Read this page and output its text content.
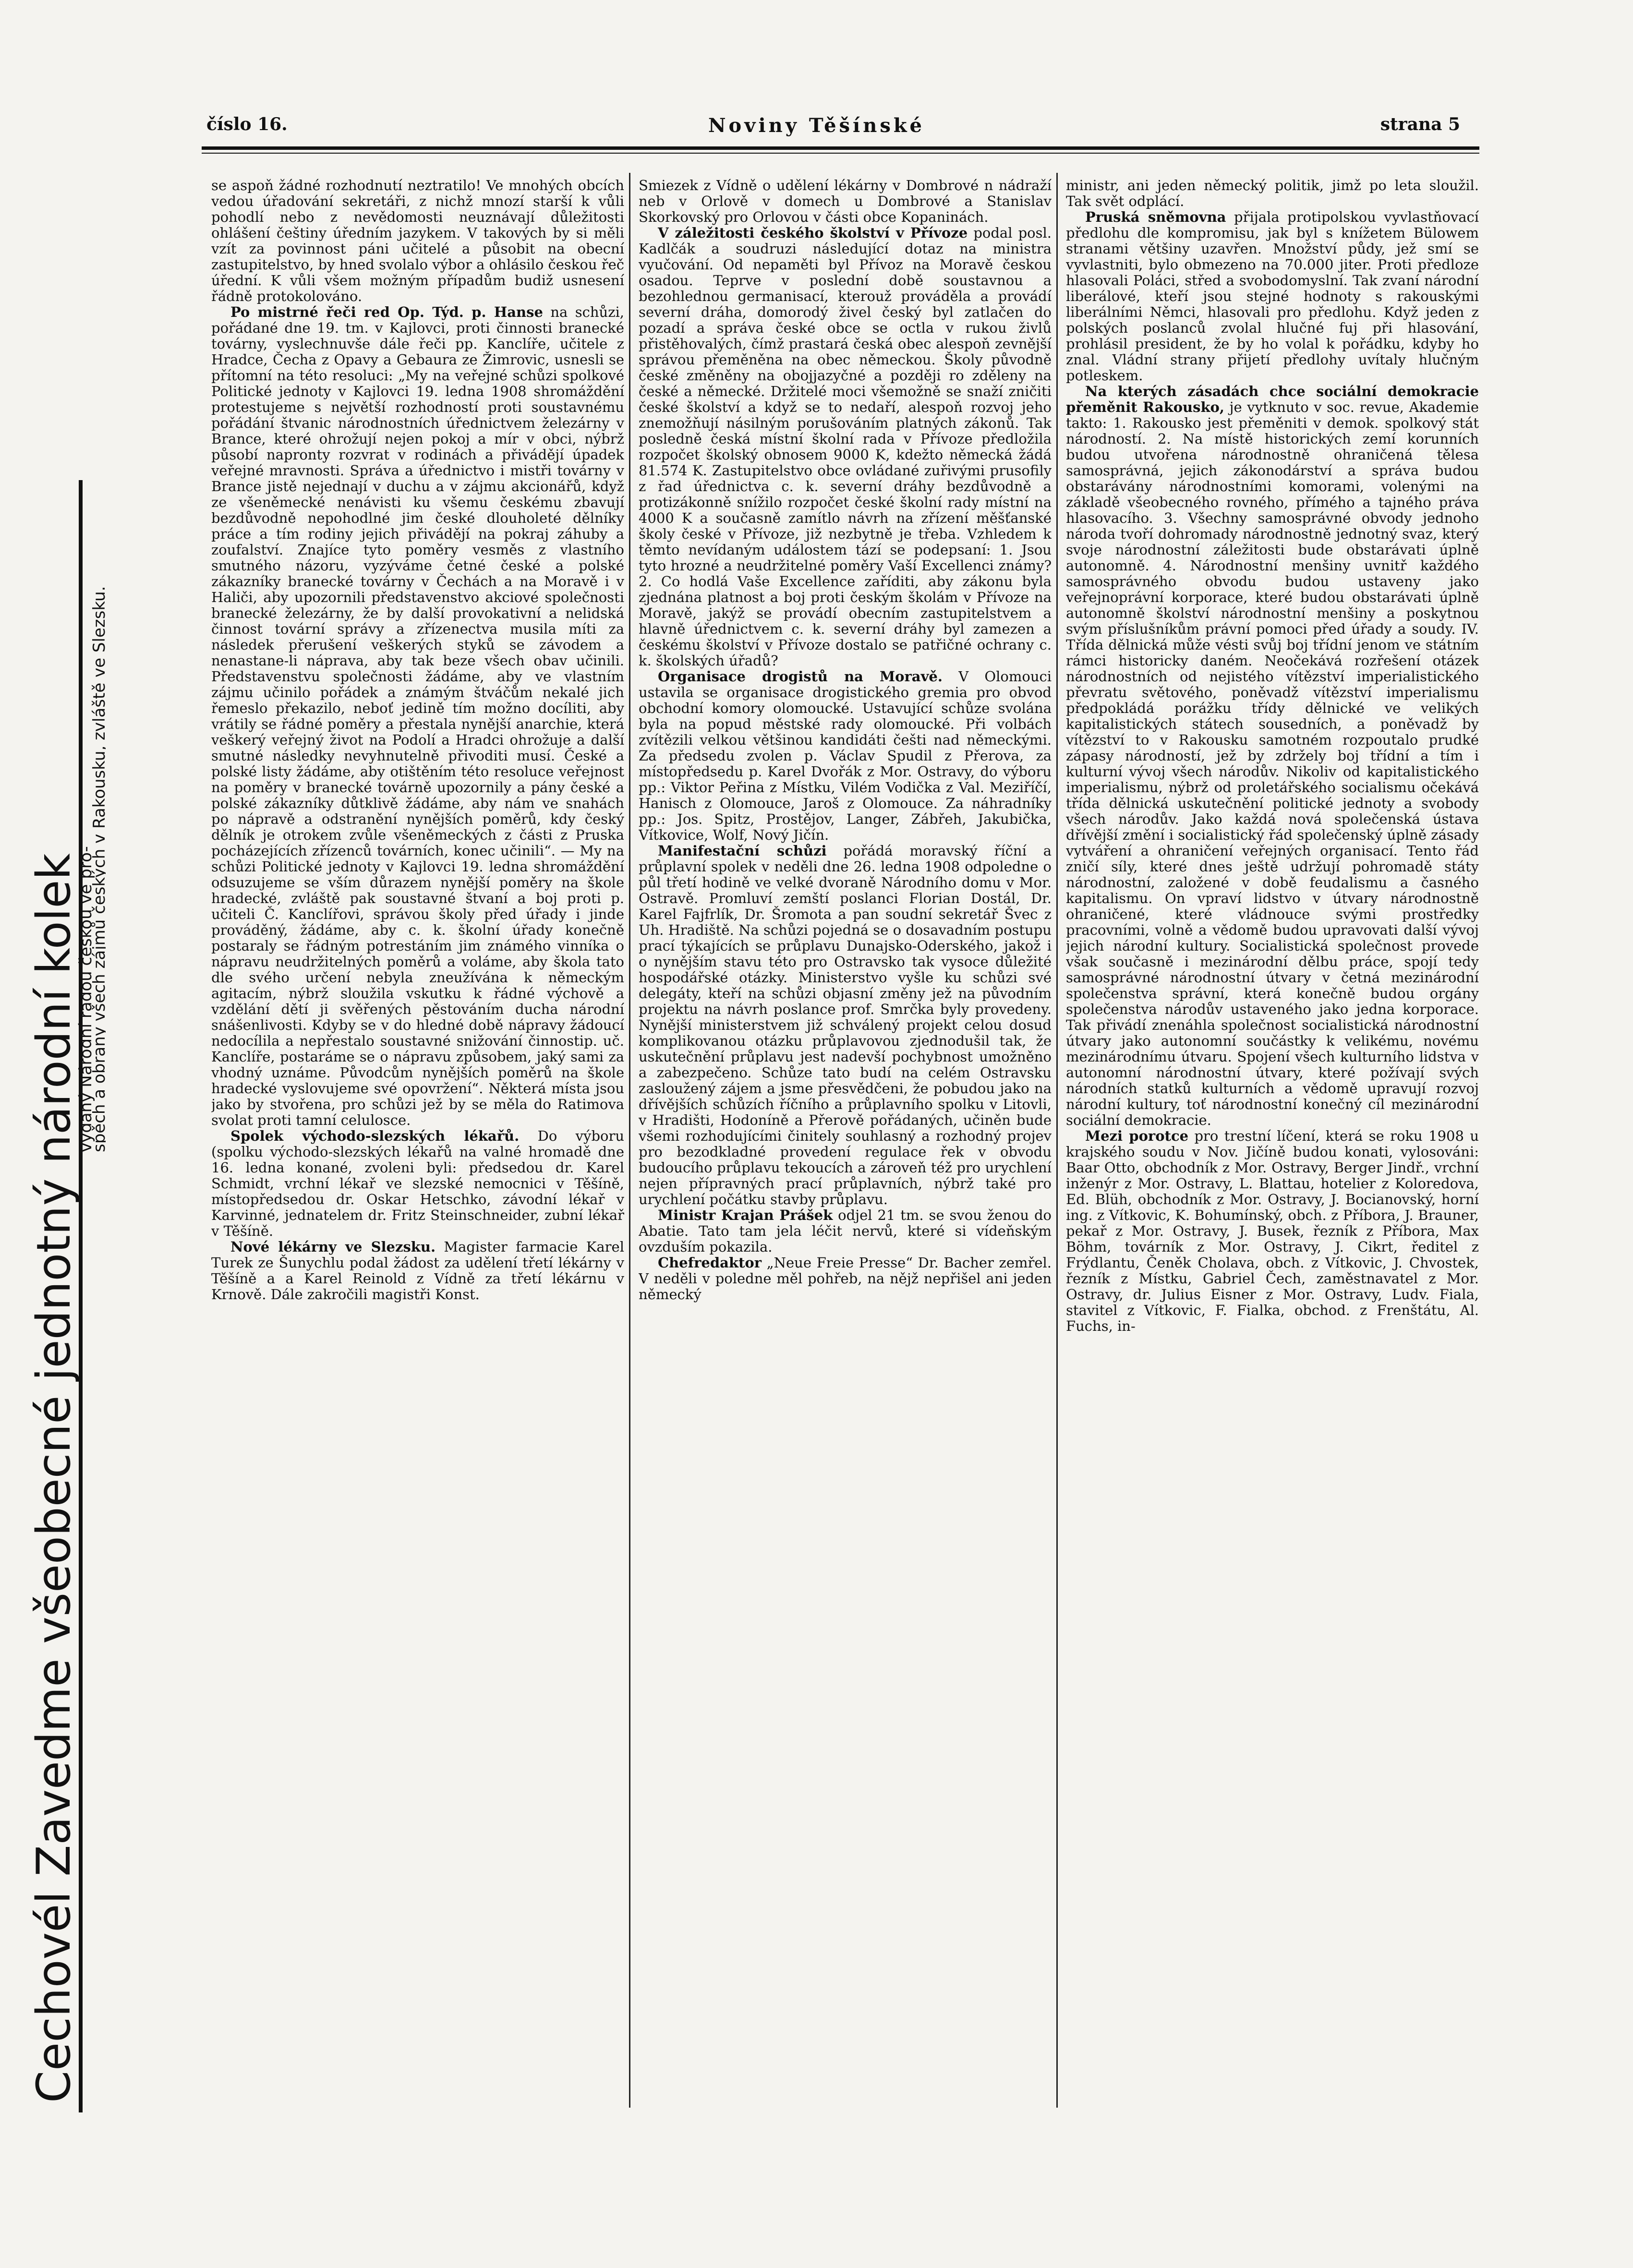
číslo 16.	Noviny Těšínské	strana 5
Cechovél Zavedme všeobecné jednotný národní kolek
vydaný Národní radou českou ve pro-
spěch obrany všech zájmů českých Rakousku, zvláště ve Slezsku.

se aspoň žádné rozhodnutí neztratilo! Ve mnohých obcích vedou úřadování sekretáři, z nichž mnozí starší k vůli pohodlí nebo z nevědomosti neuznávají důležitosti ohlášení češtiny úředním jazykem. V takových by si měli vzít za povinnost páni učitelé a působit na obecní zastupitelstvo, by hned svolalo výbor a ohlásilo českou řeč úřední. K vůli všem možným případům budiž usnesení řádně protokolováno.

Po mistrné řeči red Op. Týd. p. Hanse na schůzi, pořádané dne 19. tm. v Kajlovci, proti činnosti branecké továrny, vyslechnuvše dále řeči pp. Kanclíře, učitele z Hradce, Čecha z Opavy a Gebaura ze Žimrovic, usnesli se přítomní na této resoluci: „My na veřejné schůzi spolkové Politické jednoty v Kajlovci 19. ledna 1908 shromáždění protestujeme s největší rozhodností proti soustavnému pořádání štvanic národnostních úřednictvem železárny v Brance, které ohrožují nejen pokoj a mír v obci, nýbrž působí napronty rozvrat v rodinách a přivádějí úpadek veřejné mravnosti. Správa a úřednictvo i mistři továrny v Brance jistě nejednají v duchu a v zájmu akcionářů, když ze všeněmecké nenávisti ku všemu českému zbavují bezdůvodně nepohodlné jim české dlouholeté dělníky práce a tím rodiny jejich přivádějí na pokraj záhuby a zoufalství. Znajíce tyto poměry vesměs z vlastního smutného názoru, vyzýváme četné české a polské zákazníky branecké továrny v Čechách a na Moravě i v Haliči, aby upozornili představenstvo akciové společnosti branecké železárny, že by další provokativní a nelidská činnost tovární správy a zřízenectva musila míti za následek přerušení veškerých styků se závodem a nenastane-li náprava, aby tak beze všech obav učinili. Představenstvu společnosti žádáme, aby ve vlastním zájmu učinilo pořádek a známým štváčům nekalé jich řemeslo překazilo, neboť jedině tím možno docíliti, aby vrátily se řádné poměry a přestala nynější anarchie, která veškerý veřejný život na Podolí a Hradci ohrožuje a další smutné následky nevyhnutelně přivoditi musí. České a polské listy žádáme, aby otištěním této resoluce veřejnost na poměry v branecké továrně upozornily a pány české a polské zákazníky důtklivě žádáme, aby nám ve snahách po nápravě a odstranění nynějších poměrů, kdy český dělník je otrokem zvůle všeněmeckých z části z Pruska pocházejících zřízenců továrních, konec učinili“. — My na schůzi Politické jednoty v Kajlovci 19. ledna shromáždění odsuzujeme se vším důrazem nynější poměry na škole hradecké, zvláště pak soustavné štvaní a boj proti p. učiteli Č. Kanclířovi, správou školy před úřady i jinde prováděný, žádáme, aby c. k. školní úřady konečně postaraly se řádným potrestáním jim známého vinníka o nápravu neudržitelných poměrů a voláme, aby škola tato dle svého určení nebyla zneužívána k německým agitacím, nýbrž sloužila vskutku k řádné výchově a vzdělání dětí ji svěřených pěstováním ducha národní snášenlivosti. Kdyby se v do hledné době nápravy žádoucí nedocílila a nepřestalo soustavné snižování činnostip. uč. Kanclíře, postaráme se o nápravu způsobem, jaký sami za vhodný uznáme. Původcům nynějších poměrů na škole hradecké vyslovujeme své opovržení“. Některá místa jsou jako by stvořena, pro schůzi jež by se měla do Ratimova svolat proti tamní celulosce.

Spolek východo-slezských lékařů. Do výboru (spolku východo-slezských lékařů na valné hromadě dne 16. ledna konané, zvoleni byli: předsedou dr. Karel Schmidt, vrchní lékař ve slezské nemocnici v Těšíně, místopředsedou dr. Oskar Hetschko, závodní lékař v Karvinné, jednatelem dr. Fritz Steinschneider, zubní lékař v Těšíně.

Nové lékárny ve Slezsku. Magister farmacie Karel Turek ze Šunychlu podal žádost za udělení třetí lékárny v Těšíně a a Karel Reinold z Vídně za třetí lékárnu v Krnově. Dále zakročili magistři Konst.

Smiezek z Vídně o udělení lékárny v Dombrové n nádraží neb v Orlově v domech u Dombrové a Stanislav Skorkovský pro Orlovou v části obce Kopaninách.

V záležitosti českého školství v Přívoze podal posl. Kadlčák a soudruzi následující dotaz na ministra vyučování. Od nepaměti byl Přívoz na Moravě českou osadou. Teprve v poslední době soustavnou a bezohlednou germanisací, kterouž prováděla a provádí severní dráha, domorodý živel český byl zatlačen do pozadí a správa české obce se octla v rukou živlů přistěhovalých, čímž prastará česká obec alespoň zevnější správou přeměněna na obec německou. Školy původně české změněny na obojjazyčné a později ro zděleny na české a německé. Držitelé moci všemožně se snaží zničiti české školství a když se to nedaří, alespoň rozvoj jeho znemožňují násilným porušováním platných zákonů. Tak posledně česká místní školní rada v Přívoze předložila rozpočet školský obnosem 9000 K, kdežto německá žádá 81.574 K. Zastupitelstvo obce ovládané zuřivými prusofily z řad úřednictva c. k. severní dráhy bezdůvodně a protizákonně snížilo rozpočet české školní rady místní na 4000 K a současně zamítlo návrh na zřízení měšťanské školy české v Přívoze, již nezbytně je třeba. Vzhledem k těmto nevídaným událostem tází se podepsaní: 1. Jsou tyto hrozné a neudržitelné poměry Vaší Excellenci známy? 2. Co hodlá Vaše Excellence zaříditi, aby zákonu byla zjednána platnost a boj proti českým školám v Přívoze na Moravě, jakýž se provádí obecním zastupitelstvem a hlavně úřednictvem c. k. severní dráhy byl zamezen a českému školství v Přívoze dostalo se patřičné ochrany c. k. školských úřadů?

Organisace drogistů na Moravě. V Olomouci ustavila se organisace drogistického gremia pro obvod obchodní komory olomoucké. Ustavující schůze svolána byla na popud městské rady olomoucké. Při volbách zvítězili velkou většinou kandidáti češti nad německými. Za předsedu zvolen p. Václav Spudil z Přerova, za místopředsedu p. Karel Dvořák z Mor. Ostravy, do výboru pp.: Viktor Peřina z Místku, Vilém Vodička z Val. Meziříčí, Hanisch z Olomouce, Jaroš z Olomouce. Za náhradníky pp.: Jos. Spitz, Prostějov, Langer, Zábřeh, Jakubička, Vítkovice, Wolf, Nový Jičín.

Manifestační schůzi pořádá moravský říční a průplavní spolek v neděli dne 26. ledna 1908 odpoledne o půl třetí hodině ve velké dvoraně Národního domu v Mor. Ostravě. Promluví zemští poslanci Florian Dostál, Dr. Karel Fajfrlík, Dr. Šromota a pan soudní sekretář Švec z Uh. Hradiště. Na schůzi pojedná se o dosavadním postupu prací týkajících se průplavu Dunajsko-Oderského, jakož i o nynějším stavu této pro Ostravsko tak vysoce důležité hospodářské otázky. Ministerstvo vyšle ku schůzi své delegáty, kteří na schůzi objasní změny jež na původním projektu na návrh poslance prof. Smrčka byly provedeny. Nynější ministerstvem již schválený projekt celou dosud komplikovanou otázku průplavovou zjednodušil tak, že uskutečnění průplavu jest nadevší pochybnost umožněno a zabezpečeno. Schůze tato budí na celém Ostravsku zasloužený zájem a jsme přesvědčeni, že pobudou jako na dřívějších schůzích říčního a průplavního spolku v Litovli, v Hradišti, Hodoníně a Přerově pořádaných, učiněn bude všemi rozhodujícími činitely souhlasný a rozhodný projev pro bezodkladné provedení regulace řek v obvodu budoucího průplavu tekoucích a zároveň též pro urychlení nejen přípravných prací průplavních, nýbrž také pro urychlení počátku stavby průplavu.

Ministr Krajan Prášek odjel 21 tm. se svou ženou do Abatie. Tato tam jela léčit nervů, které si vídeňským ovzduším pokazila.

Chefredaktor „Neue Freie Presse“ Dr. Bacher zemřel. V neděli v poledne měl pohřeb, na nějž nepřišel ani jeden německý

ministr, ani jeden německý politik, jimž po leta sloužil. Tak svět odplácí.

Pruská sněmovna přijala protipolskou vyvlastňovací předlohu dle kompromisu, jak byl s knížetem Bülowem stranami většiny uzavřen. Množství půdy, jež smí se vyvlastniti, bylo obmezeno na 70.000 jiter. Proti předloze hlasovali Poláci, střed a svobodomyslní. Tak zvaní národní liberálové, kteří jsou stejné hodnoty s rakouskými liberálními Němci, hlasovali pro předlohu. Když jeden z polských poslanců zvolal hlučné fuj při hlasování, prohlásil president, že by ho volal k pořádku, kdyby ho znal. Vládní strany přijetí předlohy uvítaly hlučným potleskem.

Na kterých zásadách chce sociální demokracie přeměnit Rakousko, je vytknuto v soc. revue, Akademie takto: 1. Rakousko jest přeměniti v demok. spolkový stát národností. 2. Na místě historických zemí korunních budou utvořena národnostně ohraničená tělesa samosprávná, jejich zákonodárství a správa budou obstarávány národnostními komorami, volenými na základě všeobecného rovného, přímého a tajného práva hlasovacího. 3. Všechny samosprávné obvody jednoho národa tvoří dohromady národnostně jednotný svaz, který svoje národnostní záležitosti bude obstarávati úplně autonomně. 4. Národnostní menšiny uvnitř každého samosprávného obvodu budou ustaveny jako veřejnoprávní korporace, které budou obstarávati úplně autonomně školství národnostní menšiny a poskytnou svým příslušníkům právní pomoci před úřady a soudy. IV. Třída dělnická může vésti svůj boj třídní jenom ve státním rámci historicky daném. Neočekává rozřešení otázek národnostních od nejistého vítězství imperialistického převratu světového, poněvadž vítězství imperialismu předpokládá porážku třídy dělnické ve velikých kapitalistických státech sousedních, a poněvadž by vítězství to v Rakousku samotném rozpoutalo prudké zápasy národností, jež by zdržely boj třídní a tím i kulturní vývoj všech národův. Nikoliv od kapitalistického imperialismu, nýbrž od proletářského socialismu očekává třída dělnická uskutečnění politické jednoty a svobody všech národův. Jako každá nová společenská ústava dřívější změní i socialistický řád společenský úplně zásady vytváření a ohraničení veřejných organisací. Tento řád zničí síly, které dnes ještě udržují pohromadě státy národnostní, založené v době feudalismu a časného kapitalismu. On vpraví lidstvo v útvary národnostně ohraničené, které vládnouce svými prostředky pracovními, volně a vědomě budou upravovati další vývoj jejich národní kultury. Socialistická společnost provede však současně i mezinárodní dělbu práce, spojí tedy samosprávné národnostní útvary v četná mezinárodní společenstva správní, která konečně budou orgány společenstva národův ustaveného jako jedna korporace. Tak přivádí znenáhla společnost socialistická národnostní útvary jako autonomní součástky k velikému, novému mezinárodnímu útvaru. Spojení všech kulturního lidstva v autonomní národnostní útvary, které požívají svých národních statků kulturních a vědomě upravují rozvoj národní kultury, toť národnostní konečný cíl mezinárodní sociální demokracie.

Mezi porotce pro trestní líčení, která se roku 1908 u krajského soudu v Nov. Jičíně budou konati, vylosováni: Baar Otto, obchodník z Mor. Ostravy, Berger Jindř., vrchní inženýr z Mor. Ostravy, L. Blattau, hotelier z Koloredova, Ed. Blüh, obchodník z Mor. Ostravy, J. Bocianovský, horní ing. z Vítkovic, K. Bohumínský, obch. z Příbora, J. Brauner, pekař z Mor. Ostravy, J. Busek, řezník z Příbora, Max Böhm, továrník z Mor. Ostravy, J. Cikrt, ředitel z Frýdlantu, Čeněk Cholava, obch. z Vítkovic, J. Chvostek, řezník z Místku, Gabriel Čech, zaměstnavatel z Mor. Ostravy, dr. Julius Eisner z Mor. Ostravy, Ludv. Fiala, stavitel z Vítkovic, F. Fialka, obchod. z Frenštátu, Al. Fuchs, in-
